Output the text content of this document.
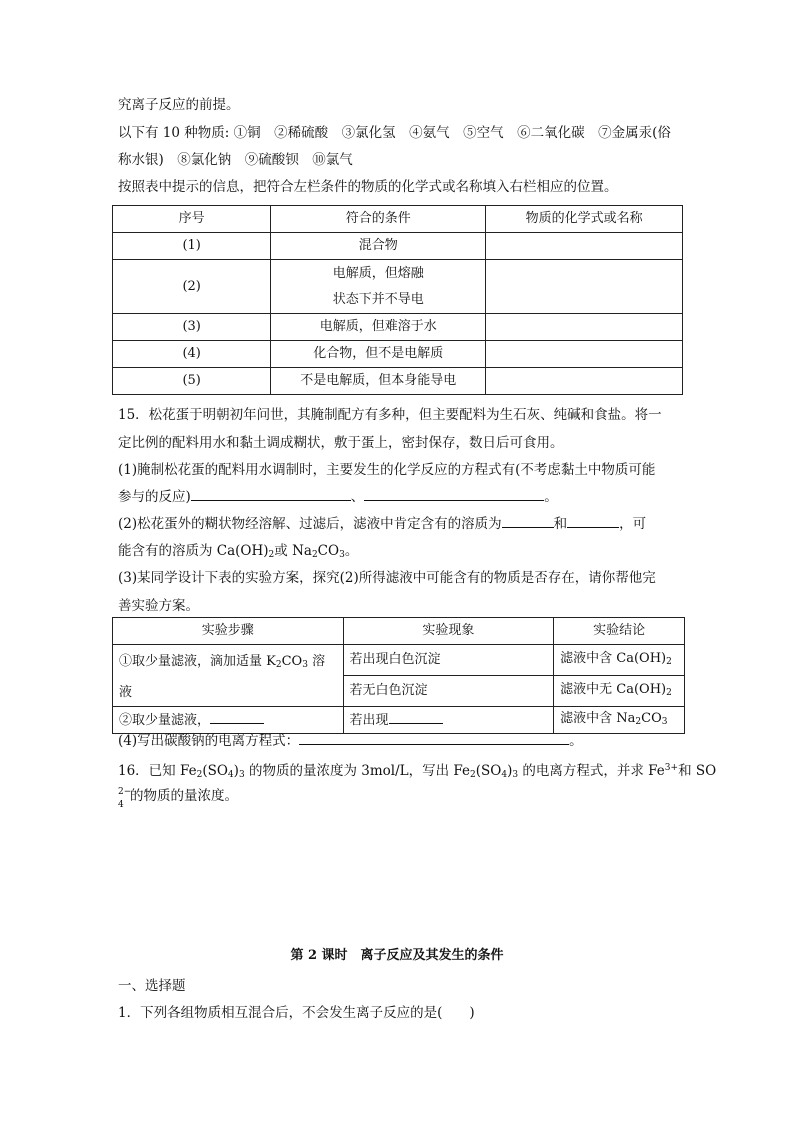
究离子反应的前提。
以下有 10 种物质: ①铜　②稀硫酸　③氯化氢　④氨气　⑤空气　⑥二氧化碳　⑦金属汞(俗
称水银)　⑧氯化钠　⑨硫酸钡　⑩氯气
按照表中提示的信息，把符合左栏条件的物质的化学式或名称填入右栏相应的位置。
序号	符合的条件	物质的化学式或名称
(1)	混合物	
(2)	电解质，但熔融
状态下并不导电	
(3)	电解质，但难溶于水	
(4)	化合物，但不是电解质	
(5)	不是电解质，但本身能导电	
15．松花蛋于明朝初年问世，其腌制配方有多种，但主要配料为生石灰、纯碱和食盐。将一
定比例的配料用水和黏土调成糊状，敷于蛋上，密封保存，数日后可食用。
(1)腌制松花蛋的配料用水调制时，主要发生的化学反应的方程式有(不考虑黏土中物质可能
参与的反应)	、	。
(2)松花蛋外的糊状物经溶解、过滤后，滤液中肯定含有的溶质为	和	，可
能含有的溶质为 $Ca(OH)_2$或 $Na_2CO_3$。
(3)某同学设计下表的实验方案，探究(2)所得滤液中可能含有的物质是否存在，请你帮他完
善实验方案。
实验步骤	实验现象	实验结论
①取少量滤液，滴加适量 $K_2CO_3$ 溶
液	若出现白色沉淀	滤液中含 $Ca(OH)_2$
	若无白色沉淀	滤液中无 $Ca(OH)_2$
②取少量滤液，	若出现	滤液中含 $Na_2CO_3$
(4)写出碳酸钠的电离方程式：	。
16．已知 $Fe_2(SO_4)_3$ 的物质的量浓度为 3mol/L，写出 $Fe_2(SO_4)_3$ 的电离方程式，并求 $Fe^{3+}$和 SO
2−
4
的物质的量浓度。
第 2 课时　离子反应及其发生的条件
一、选择题
1．下列各组物质相互混合后，不会发生离子反应的是(　　)
